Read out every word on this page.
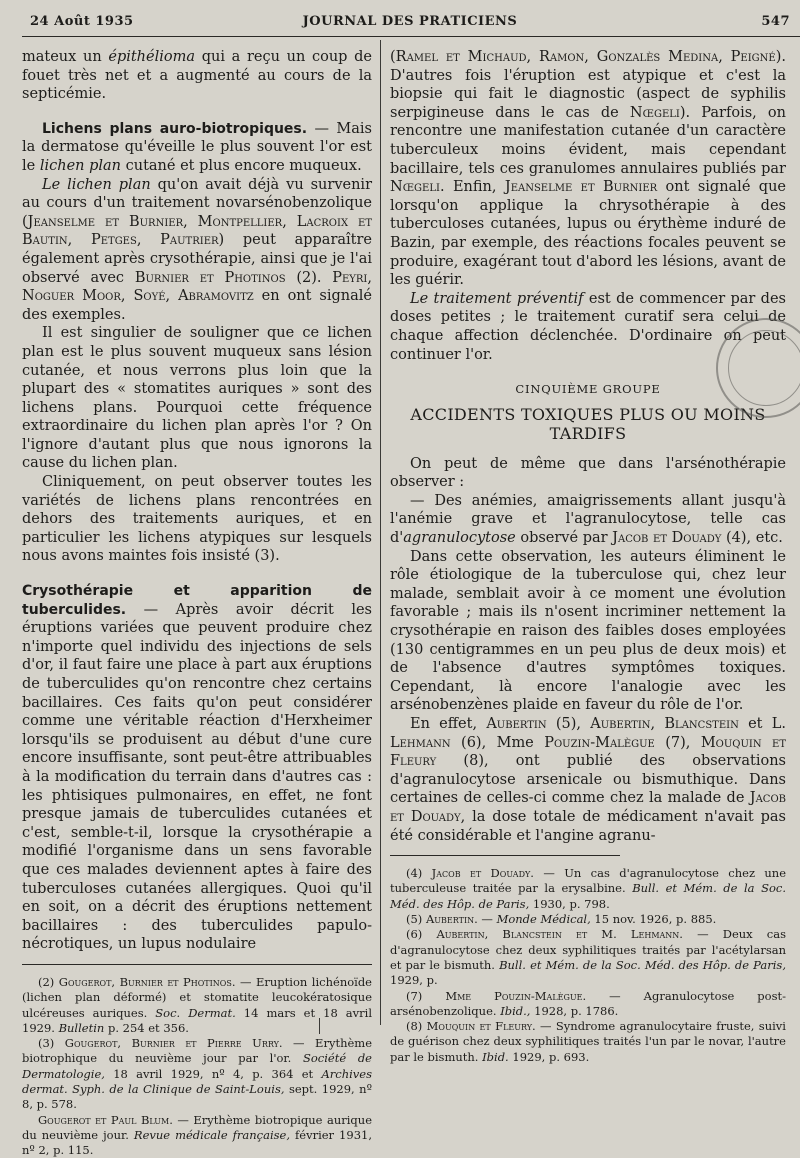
24 Août 1935	JOURNAL DES PRATICIENS	547

mateux un épithélioma qui a reçu un coup de fouet très net et a augmenté au cours de la septicémie.

Lichens plans auro-biotropiques. — Mais la dermatose qu'éveille le plus souvent l'or est le lichen plan cutané et plus encore muqueux.

Le lichen plan qu'on avait déjà vu survenir au cours d'un traitement novarsénobenzolique (Jeanselme et Burnier, Montpellier, Lacroix et Bautin, Petges, Pautrier) peut apparaître également après crysothérapie, ainsi que je l'ai observé avec Burnier et Photinos (2). Peyri, Noguer Moor, Soyé, Abramovitz en ont signalé des exemples.

Il est singulier de souligner que ce lichen plan est le plus souvent muqueux sans lésion cutanée, et nous verrons plus loin que la plupart des « stomatites auriques » sont des lichens plans. Pourquoi cette fréquence extraordinaire du lichen plan après l'or ? On l'ignore d'autant plus que nous ignorons la cause du lichen plan.

Cliniquement, on peut observer toutes les variétés de lichens plans rencontrées en dehors des traitements auriques, et en particulier les lichens atypiques sur lesquels nous avons maintes fois insisté (3).

Crysothérapie et apparition de tuberculides. — Après avoir décrit les éruptions variées que peuvent produire chez n'importe quel individu des injections de sels d'or, il faut faire une place à part aux éruptions de tuberculides qu'on rencontre chez certains bacillaires. Ces faits qu'on peut considérer comme une véritable réaction d'Herxheimer lorsqu'ils se produisent au début d'une cure encore insuffisante, sont peut-être attribuables à la modification du terrain dans d'autres cas : les phtisiques pulmonaires, en effet, ne font presque jamais de tuberculides cutanées et c'est, semble-t-il, lorsque la crysothérapie a modifié l'organisme dans un sens favorable que ces malades deviennent aptes à faire des tuberculoses cutanées allergiques. Quoi qu'il en soit, on a décrit des éruptions nettement bacillaires : des tuberculides papulo-nécrotiques, un lupus nodulaire

(2) Gougerot, Burnier et Photinos. — Eruption lichénoïde (lichen plan déformé) et stomatite leucokératosique ulcéreuses auriques. Soc. Dermat. 14 mars et 18 avril 1929. Bulletin p. 254 et 356.
(3) Gougerot, Burnier et Pierre Urry. — Erythème biotrophique du neuvième jour par l'or. Société de Dermatologie, 18 avril 1929, nº 4, p. 364 et Archives dermat. Syph. de la Clinique de Saint-Louis, sept. 1929, nº 8, p. 578.
Gougerot et Paul Blum. — Erythème biotropique aurique du neuvième jour. Revue médicale française, février 1931, nº 2, p. 115.

(Ramel et Michaud, Ramon, Gonzalès Medina, Peigné). D'autres fois l'éruption est atypique et c'est la biopsie qui fait le diagnostic (aspect de syphilis serpigineuse dans le cas de Nœgeli). Parfois, on rencontre une manifestation cutanée d'un caractère tuberculeux moins évident, mais cependant bacillaire, tels ces granulomes annulaires publiés par Nœgeli. Enfin, Jeanselme et Burnier ont signalé que lorsqu'on applique la chrysothérapie à des tuberculoses cutanées, lupus ou érythème induré de Bazin, par exemple, des réactions focales peuvent se produire, exagérant tout d'abord les lésions, avant de les guérir.

Le traitement préventif est de commencer par des doses petites ; le traitement curatif sera celui de chaque affection déclenchée. D'ordinaire on peut continuer l'or.

CINQUIÈME GROUPE
ACCIDENTS TOXIQUES PLUS OU MOINS TARDIFS

On peut de même que dans l'arsénothérapie observer :

— Des anémies, amaigrissements allant jusqu'à l'anémie grave et l'agranulocytose, telle cas d'agranulocytose observé par Jacob et Douady (4), etc.

Dans cette observation, les auteurs éliminent le rôle étiologique de la tuberculose qui, chez leur malade, semblait avoir à ce moment une évolution favorable ; mais ils n'osent incriminer nettement la crysothérapie en raison des faibles doses employées (130 centigrammes en un peu plus de deux mois) et de l'absence d'autres symptômes toxiques. Cependant, là encore l'analogie avec les arsénobenzènes plaide en faveur du rôle de l'or.

En effet, Aubertin (5), Aubertin, Blancstein et L. Lehmann (6), Mme Pouzin-Malègue (7), Mouquin et Fleury (8), ont publié des observations d'agranulocytose arsenicale ou bismuthique. Dans certaines de celles-ci comme chez la malade de Jacob et Douady, la dose totale de médicament n'avait pas été considérable et l'angine agranu-

(4) Jacob et Douady. — Un cas d'agranulocytose chez une tuberculeuse traitée par la erysalbine. Bull. et Mém. de la Soc. Méd. des Hôp. de Paris, 1930, p. 798.
(5) Aubertin. — Monde Médical, 15 nov. 1926, p. 885.
(6) Aubertin, Blancstein et M. Lehmann. — Deux cas d'agranulocytose chez deux syphilitiques traités par l'acétylarsan et par le bismuth. Bull. et Mém. de la Soc. Méd. des Hôp. de Paris, 1929, p.
(7) Mme Pouzin-Malègue. — Agranulocytose post-arsénobenzolique. Ibid., 1928, p. 1786.
(8) Mouquin et Fleury. — Syndrome agranulocytaire fruste, suivi de guérison chez deux syphilitiques traités l'un par le novar, l'autre par le bismuth. Ibid. 1929, p. 693.
